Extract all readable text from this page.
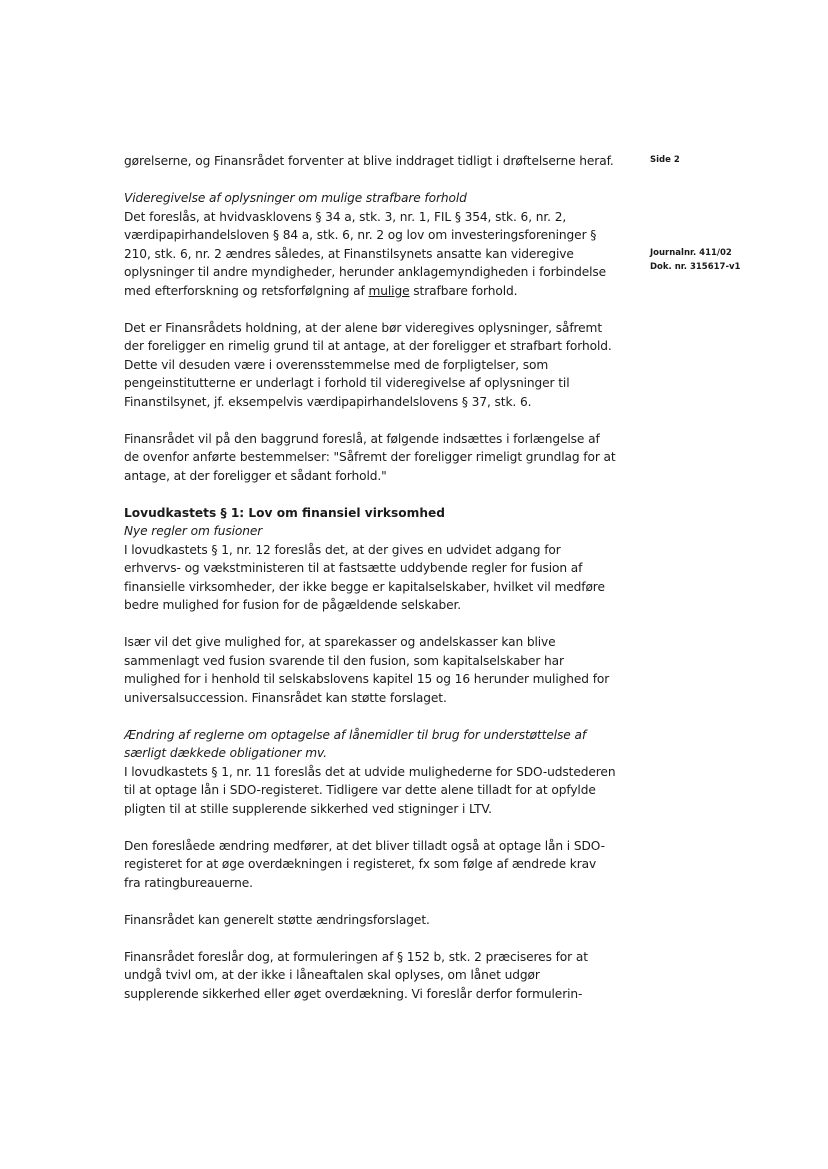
gørelserne, og Finansrådet forventer at blive inddraget tidligt i drøftelserne heraf.

Videregivelse af oplysninger om mulige strafbare forhold

Det foreslås, at hvidvasklovens § 34 a, stk. 3, nr. 1, FIL § 354, stk. 6, nr. 2, værdipapirhandelsloven § 84 a, stk. 6, nr. 2 og lov om investeringsforeninger § 210, stk. 6, nr. 2 ændres således, at Finanstilsynets ansatte kan videregive oplysninger til andre myndigheder, herunder anklagemyndigheden i forbindelse med efterforskning og retsforfølgning af mulige strafbare forhold.

Det er Finansrådets holdning, at der alene bør videregives oplysninger, såfremt der foreligger en rimelig grund til at antage, at der foreligger et strafbart forhold. Dette vil desuden være i overensstemmelse med de forpligtelser, som pengeinstitutterne er underlagt i forhold til videregivelse af oplysninger til Finanstilsynet, jf. eksempelvis værdipapirhandelslovens § 37, stk. 6.

Finansrådet vil på den baggrund foreslå, at følgende indsættes i forlængelse af de ovenfor anførte bestemmelser: "Såfremt der foreligger rimeligt grundlag for at antage, at der foreligger et sådant forhold."

Lovudkastets § 1: Lov om finansiel virksomhed

Nye regler om fusioner

I lovudkastets § 1, nr. 12 foreslås det, at der gives en udvidet adgang for erhvervs- og vækstministeren til at fastsætte uddybende regler for fusion af finansielle virksomheder, der ikke begge er kapitalselskaber, hvilket vil medføre bedre mulighed for fusion for de pågældende selskaber.

Især vil det give mulighed for, at sparekasser og andelskasser kan blive sammenlagt ved fusion svarende til den fusion, som kapitalselskaber har mulighed for i henhold til selskabslovens kapitel 15 og 16 herunder mulighed for universalsuccession. Finansrådet kan støtte forslaget.

Ændring af reglerne om optagelse af lånemidler til brug for understøttelse af særligt dækkede obligationer mv.

I lovudkastets § 1, nr. 11 foreslås det at udvide mulighederne for SDO-udstederen til at optage lån i SDO-registeret. Tidligere var dette alene tilladt for at opfylde pligten til at stille supplerende sikkerhed ved stigninger i LTV.

Den foreslåede ændring medfører, at det bliver tilladt også at optage lån i SDO-registeret for at øge overdækningen i registeret, fx som følge af ændrede krav fra ratingbureauerne.

Finansrådet kan generelt støtte ændringsforslaget.

Finansrådet foreslår dog, at formuleringen af § 152 b, stk. 2 præciseres for at undgå tvivl om, at der ikke i låneaftalen skal oplyses, om lånet udgør supplerende sikkerhed eller øget overdækning. Vi foreslår derfor formulerin-

Side 2
Journalnr. 411/02
Dok. nr. 315617-v1
